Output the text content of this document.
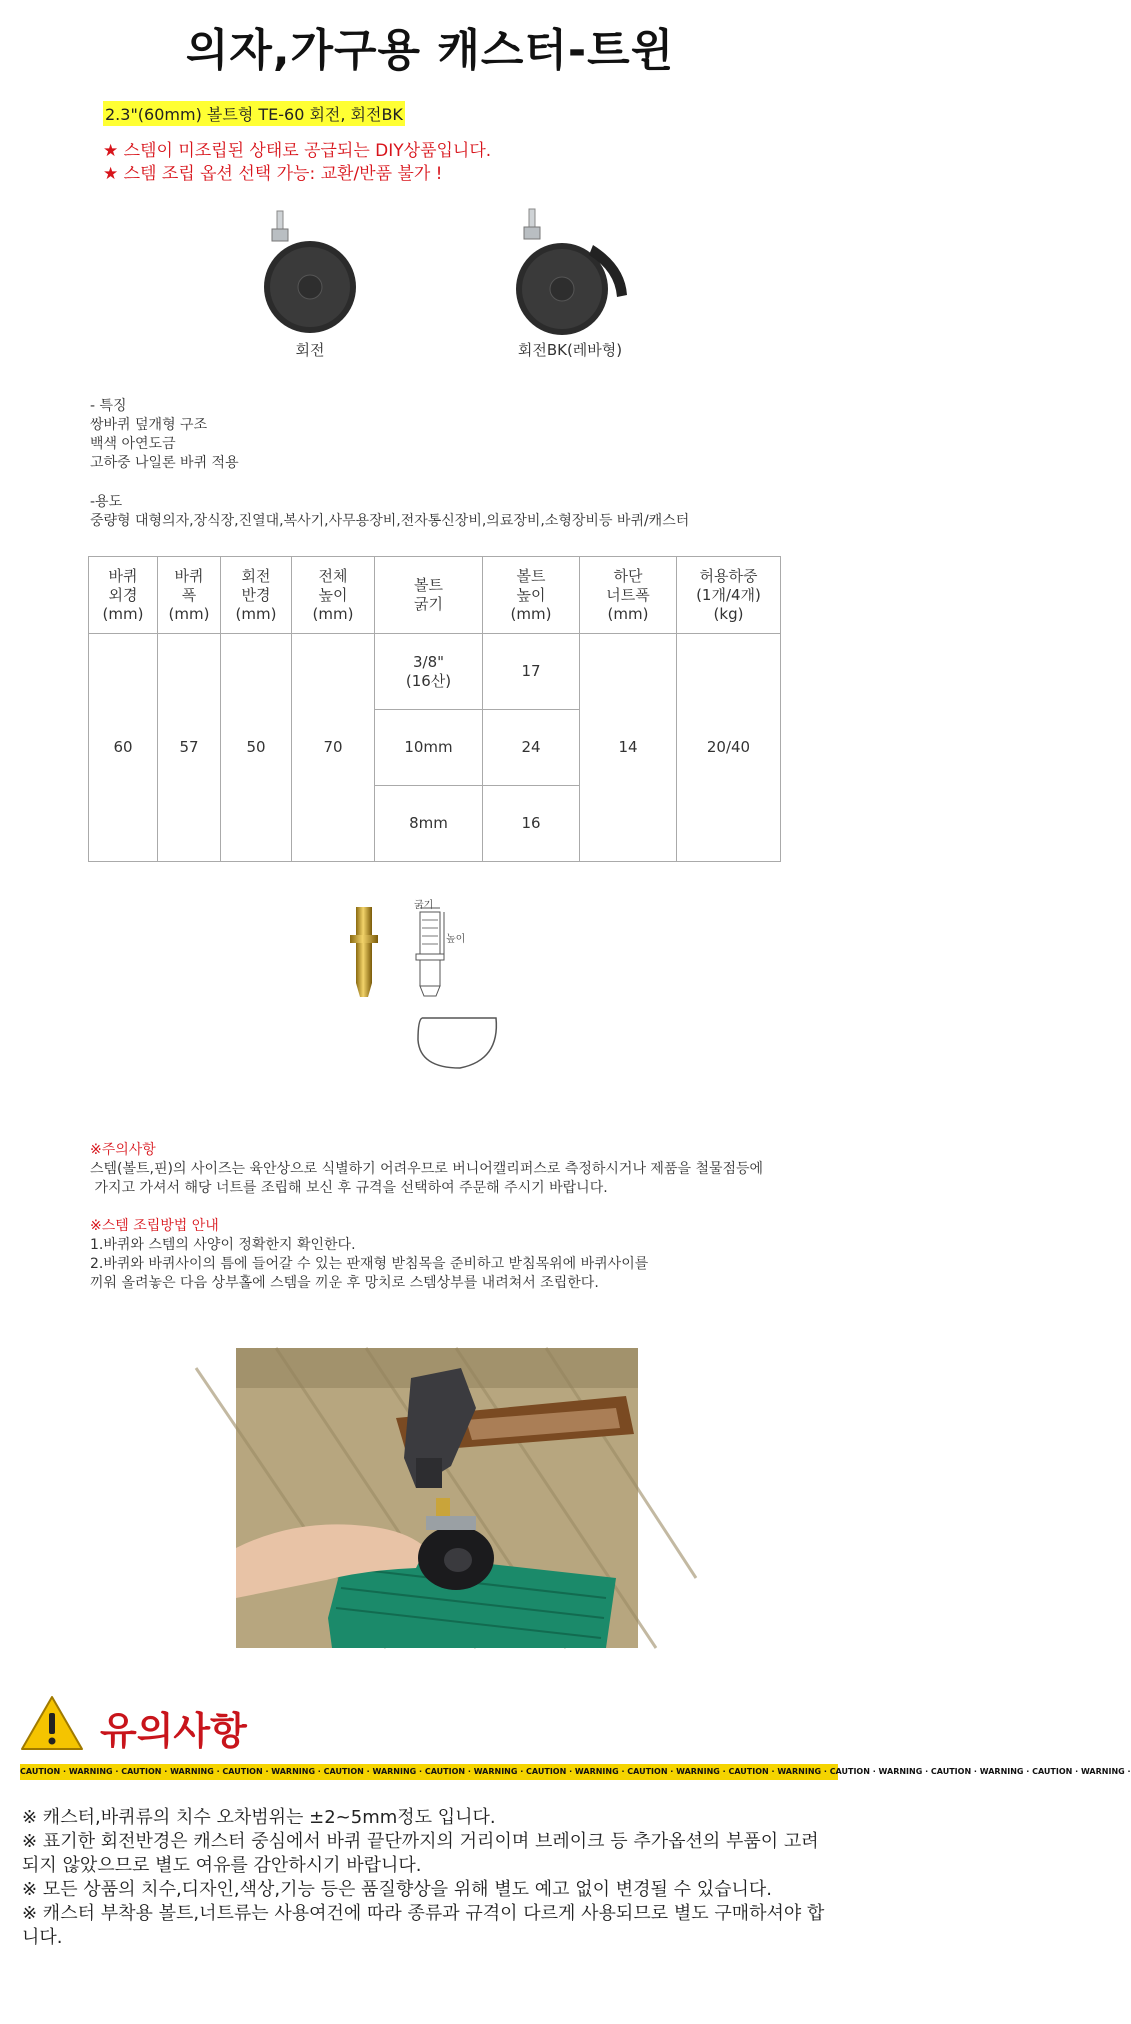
의자,가구용 캐스터-트윈
2.3"(60mm) 볼트형 TE-60 회전, 회전BK
★ 스템이 미조립된 상태로 공급되는 DIY상품입니다.
★ 스템 조립 옵션 선택 가능: 교환/반품 불가 !
회전	회전BK(레바형)
- 특징
쌍바퀴 덮개형 구조
백색 아연도금
고하중 나일론 바퀴 적용
-용도
중량형 대형의자,장식장,진열대,복사기,사무용장비,전자통신장비,의료장비,소형장비등 바퀴/캐스터
바퀴
외경
(mm)	바퀴
폭
(mm)	회전
반경
(mm)	전체
높이
(mm)	볼트
굵기	볼트
높이
(mm)	하단
너트폭
(mm)	허용하중
(1개/4개)
(kg)
60	57	50	70	3/8"
(16산)	17	14	20/40
				10mm	24		
				8mm	16		
굵기
높이
※주의사항
스템(볼트,핀)의 사이즈는 육안상으로 식별하기 어려우므로 버니어캘리퍼스로 측정하시거나 제품을 철물점등에
가지고 가셔서 해당 너트를 조립해 보신 후 규격을 선택하여 주문해 주시기 바랍니다.
※스템 조립방법 안내
1.바퀴와 스템의 사양이 정확한지 확인한다.
2.바퀴와 바퀴사이의 틈에 들어갈 수 있는 판재형 받침목을 준비하고 받침목위에 바퀴사이를
끼워 올려놓은 다음 상부홀에 스템을 끼운 후 망치로 스템상부를 내려쳐서 조립한다.
유의사항
CAUTION · WARNING · CAUTION · WARNING · CAUTION · WARNING · CAUTION · WARNING · CAUTION · WARNING · CAUTION · WARNING · CAUTION · WARNING · CAUTION · WARNING · CAUTION · WARNING · CAUTION · WARNING · CAUTION · WARNING ·
※ 캐스터,바퀴류의 치수 오차범위는 ±2~5mm정도 입니다.
※ 표기한 회전반경은 캐스터 중심에서 바퀴 끝단까지의 거리이며 브레이크 등 추가옵션의 부품이 고려되지 않았으므로 별도 여유를 감안하시기 바랍니다.
※ 모든 상품의 치수,디자인,색상,기능 등은 품질향상을 위해 별도 예고 없이 변경될 수 있습니다.
※ 캐스터 부착용 볼트,너트류는 사용여건에 따라 종류과 규격이 다르게 사용되므로 별도 구매하셔야 합니다.
